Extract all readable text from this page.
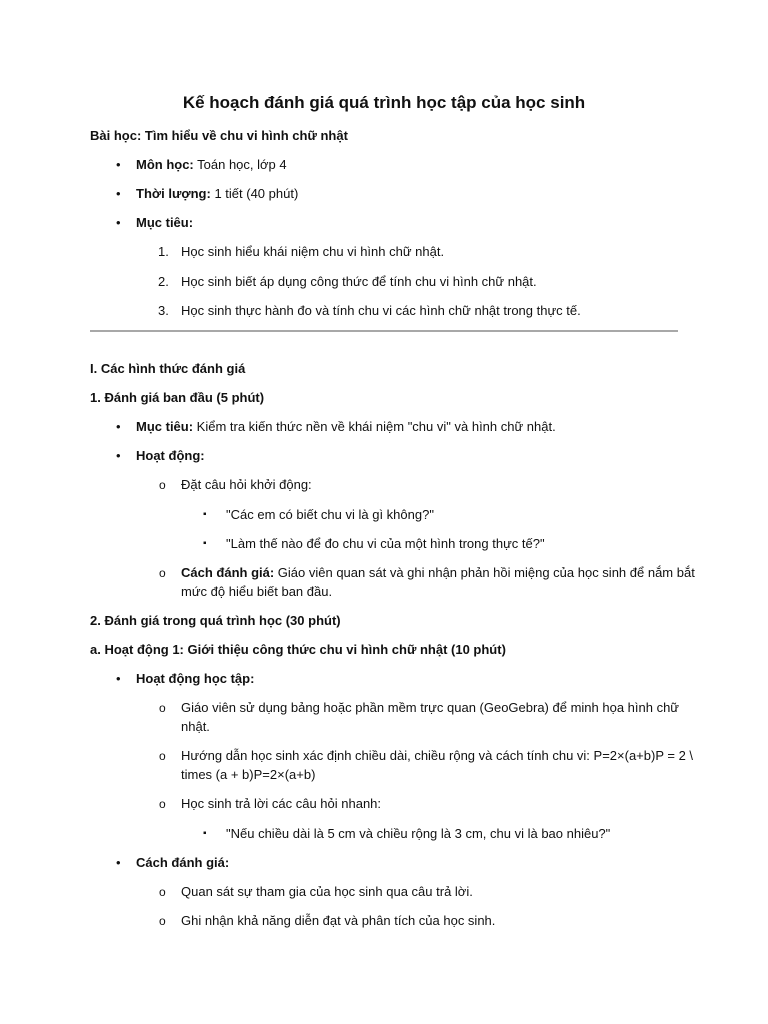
Kế hoạch đánh giá quá trình học tập của học sinh
Bài học: Tìm hiểu về chu vi hình chữ nhật
• Môn học: Toán học, lớp 4
• Thời lượng: 1 tiết (40 phút)
• Mục tiêu:
1. Học sinh hiểu khái niệm chu vi hình chữ nhật.
2. Học sinh biết áp dụng công thức để tính chu vi hình chữ nhật.
3. Học sinh thực hành đo và tính chu vi các hình chữ nhật trong thực tế.
I. Các hình thức đánh giá
1. Đánh giá ban đầu (5 phút)
• Mục tiêu: Kiểm tra kiến thức nền về khái niệm "chu vi" và hình chữ nhật.
• Hoạt động:
o Đặt câu hỏi khởi động:
▪ "Các em có biết chu vi là gì không?"
▪ "Làm thế nào để đo chu vi của một hình trong thực tế?"
o Cách đánh giá: Giáo viên quan sát và ghi nhận phản hồi miệng của học sinh để nắm bắt
mức độ hiểu biết ban đầu.
2. Đánh giá trong quá trình học (30 phút)
a. Hoạt động 1: Giới thiệu công thức chu vi hình chữ nhật (10 phút)
• Hoạt động học tập:
o Giáo viên sử dụng bảng hoặc phần mềm trực quan (GeoGebra) để minh họa hình chữ
nhật.
o Hướng dẫn học sinh xác định chiều dài, chiều rộng và cách tính chu vi: P=2×(a+b)P = 2 \
times (a + b)P=2×(a+b)
o Học sinh trả lời các câu hỏi nhanh:
▪ "Nếu chiều dài là 5 cm và chiều rộng là 3 cm, chu vi là bao nhiêu?"
• Cách đánh giá:
o Quan sát sự tham gia của học sinh qua câu trả lời.
o Ghi nhận khả năng diễn đạt và phân tích của học sinh.
